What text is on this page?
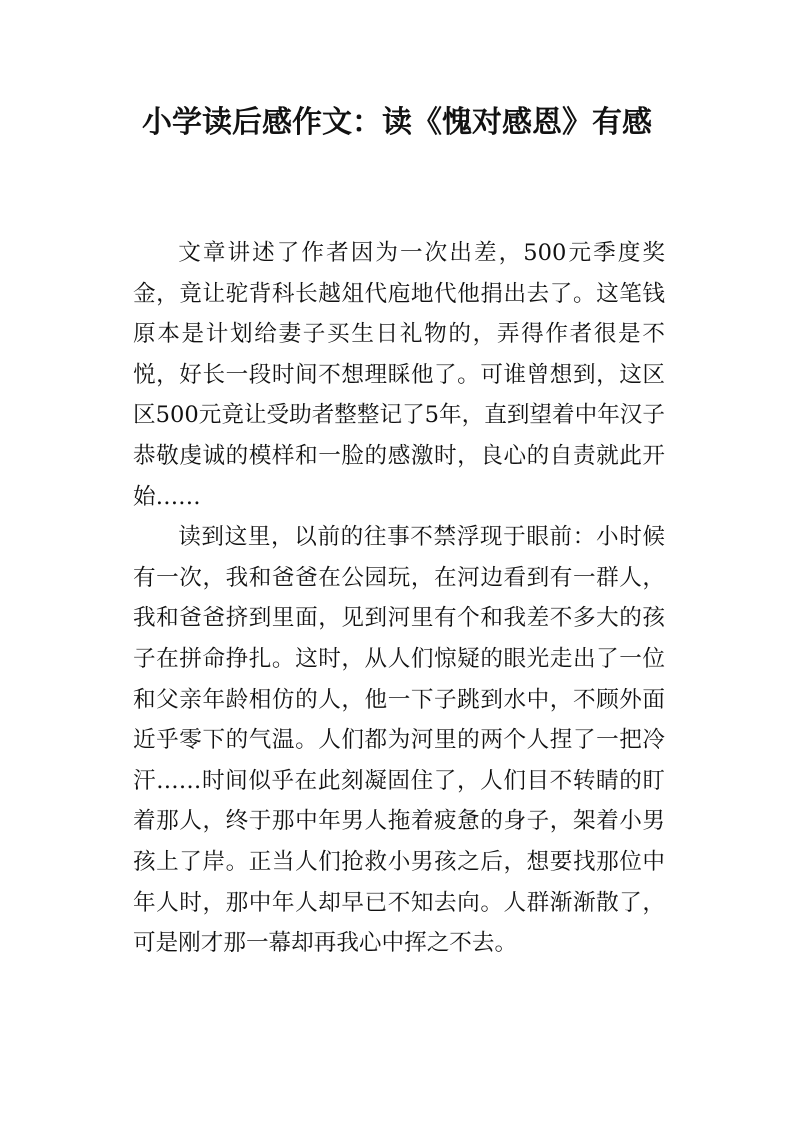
小学读后感作文：读《愧对感恩》有感

文章讲述了作者因为一次出差，500元季度奖金，竟让驼背科长越俎代庖地代他捐出去了。这笔钱原本是计划给妻子买生日礼物的，弄得作者很是不悦，好长一段时间不想理睬他了。可谁曾想到，这区区500元竟让受助者整整记了5年，直到望着中年汉子恭敬虔诚的模样和一脸的感激时，良心的自责就此开始……

读到这里，以前的往事不禁浮现于眼前：小时候有一次，我和爸爸在公园玩，在河边看到有一群人，我和爸爸挤到里面，见到河里有个和我差不多大的孩子在拼命挣扎。这时，从人们惊疑的眼光走出了一位和父亲年龄相仿的人，他一下子跳到水中，不顾外面近乎零下的气温。人们都为河里的两个人捏了一把冷汗……时间似乎在此刻凝固住了，人们目不转睛的盯着那人，终于那中年男人拖着疲惫的身子，架着小男孩上了岸。正当人们抢救小男孩之后，想要找那位中年人时，那中年人却早已不知去向。人群渐渐散了，可是刚才那一幕却再我心中挥之不去。
